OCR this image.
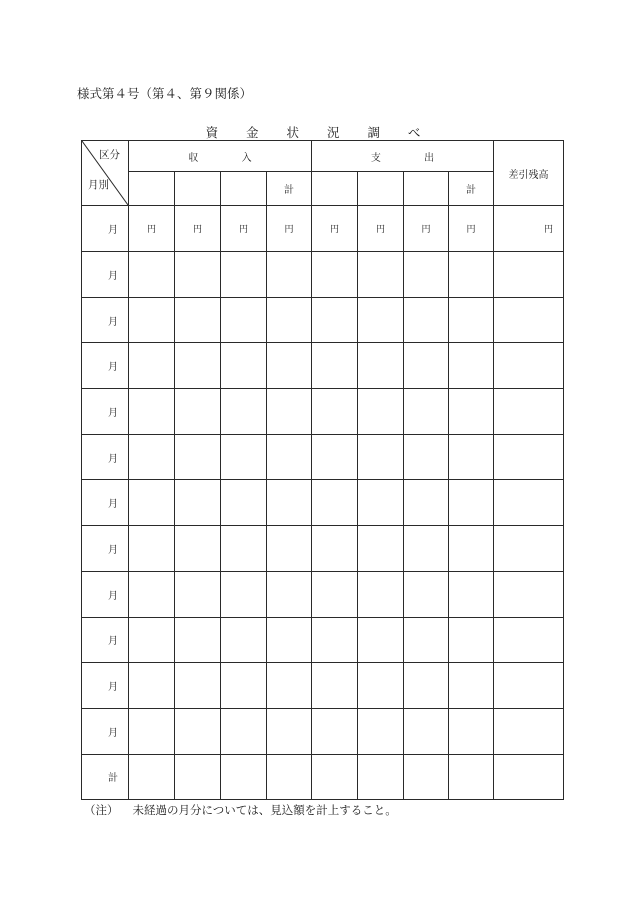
様式第４号（第４、第９関係）
資 金 状 況 調 べ
区分
月別	収 入				支 出				差引残高
				計				計	
月	円	円	円	円	円	円	円	円	円
月									
月									
月									
月									
月									
月									
月									
月									
月									
月									
月									
計									
（注） 未経過の月分については、見込額を計上すること。
